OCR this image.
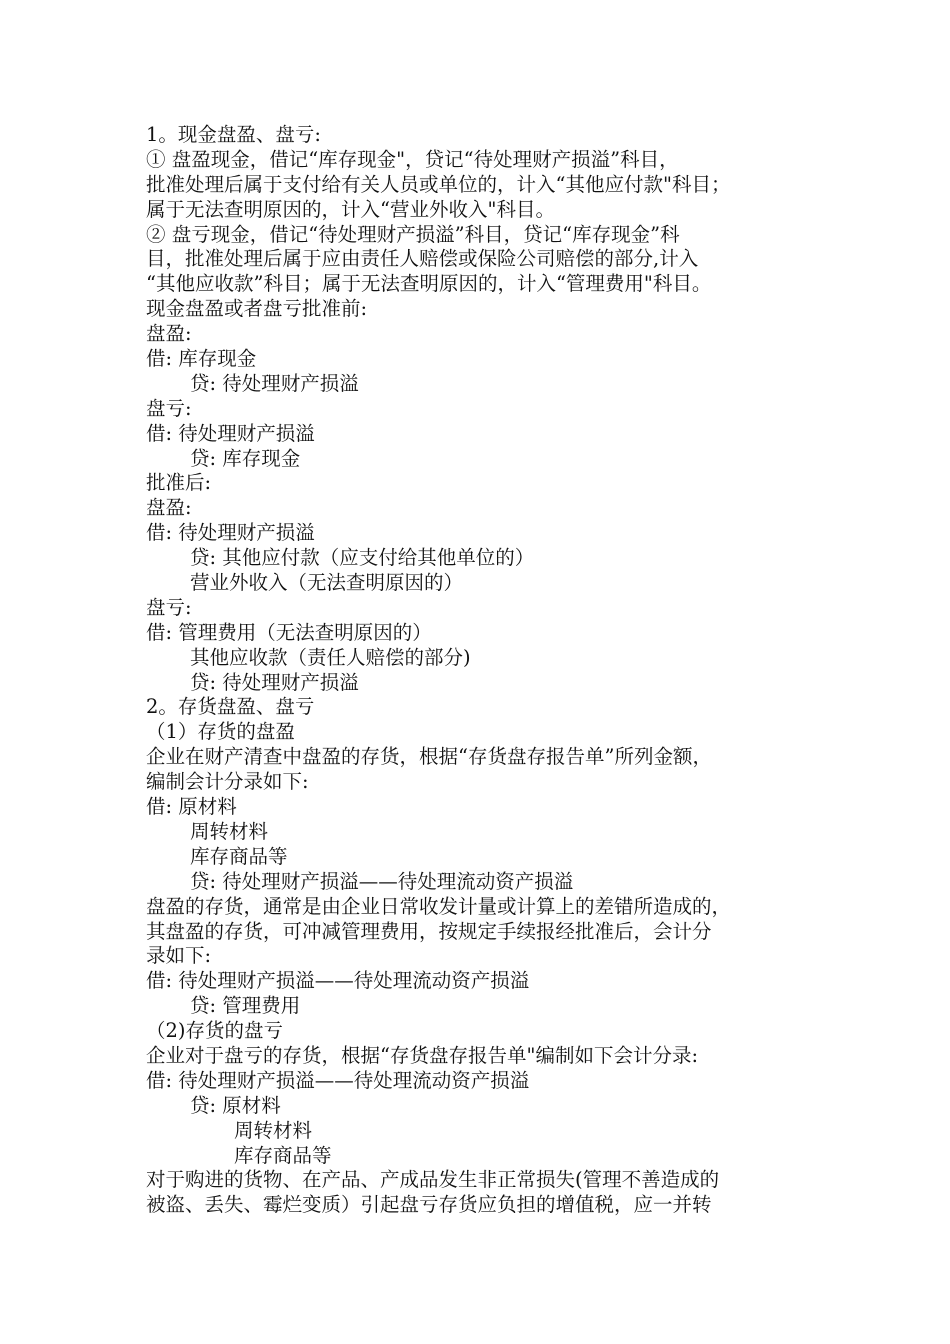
1。现金盘盈、盘亏:
① 盘盈现金，借记“库存现金"，贷记“待处理财产损溢”科目，
批准处理后属于支付给有关人员或单位的，计入“其他应付款"科目；
属于无法查明原因的，计入“营业外收入"科目。
② 盘亏现金，借记“待处理财产损溢”科目，贷记“库存现金”科
目，批准处理后属于应由责任人赔偿或保险公司赔偿的部分,计入
“其他应收款”科目；属于无法查明原因的，计入“管理费用"科目。
现金盘盈或者盘亏批准前:
盘盈:
借: 库存现金
贷: 待处理财产损溢
盘亏:
借: 待处理财产损溢
贷: 库存现金
批准后:
盘盈:
借: 待处理财产损溢
贷: 其他应付款（应支付给其他单位的）
营业外收入（无法查明原因的）
盘亏:
借: 管理费用（无法查明原因的）
其他应收款（责任人赔偿的部分)
贷: 待处理财产损溢
2。存货盘盈、盘亏
（1）存货的盘盈
企业在财产清查中盘盈的存货，根据“存货盘存报告单”所列金额，
编制会计分录如下:
借: 原材料
周转材料
库存商品等
贷: 待处理财产损溢——待处理流动资产损溢
盘盈的存货，通常是由企业日常收发计量或计算上的差错所造成的，
其盘盈的存货，可冲减管理费用，按规定手续报经批准后，会计分
录如下:
借: 待处理财产损溢——待处理流动资产损溢
贷: 管理费用
（2)存货的盘亏
企业对于盘亏的存货，根据“存货盘存报告单"编制如下会计分录:
借: 待处理财产损溢——待处理流动资产损溢
贷: 原材料
周转材料
库存商品等
对于购进的货物、在产品、产成品发生非正常损失(管理不善造成的
被盗、丢失、霉烂变质）引起盘亏存货应负担的增值税，应一并转
